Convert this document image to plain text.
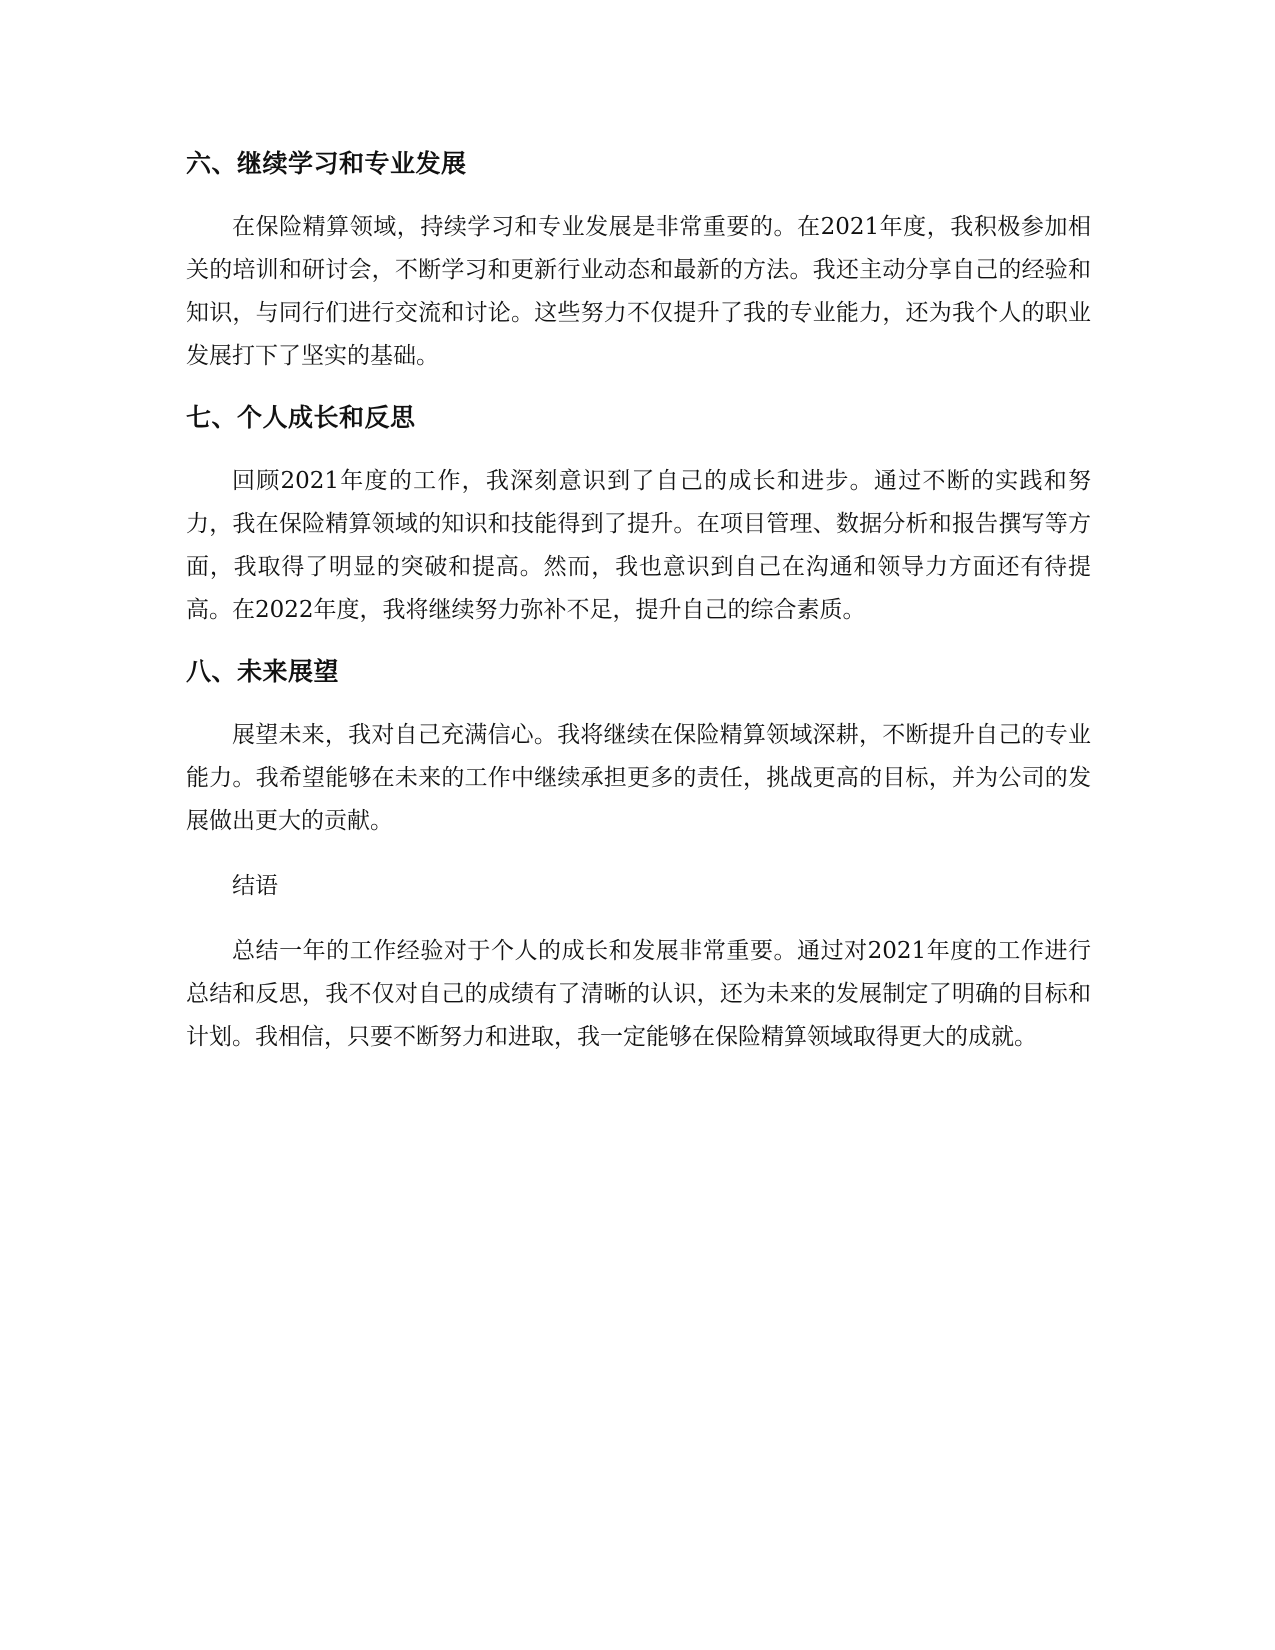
六、继续学习和专业发展

在保险精算领域，持续学习和专业发展是非常重要的。在2021年度，我积极参加相关的培训和研讨会，不断学习和更新行业动态和最新的方法。我还主动分享自己的经验和知识，与同行们进行交流和讨论。这些努力不仅提升了我的专业能力，还为我个人的职业发展打下了坚实的基础。

七、个人成长和反思

回顾2021年度的工作，我深刻意识到了自己的成长和进步。通过不断的实践和努力，我在保险精算领域的知识和技能得到了提升。在项目管理、数据分析和报告撰写等方面，我取得了明显的突破和提高。然而，我也意识到自己在沟通和领导力方面还有待提高。在2022年度，我将继续努力弥补不足，提升自己的综合素质。

八、未来展望

展望未来，我对自己充满信心。我将继续在保险精算领域深耕，不断提升自己的专业能力。我希望能够在未来的工作中继续承担更多的责任，挑战更高的目标，并为公司的发展做出更大的贡献。

结语

总结一年的工作经验对于个人的成长和发展非常重要。通过对2021年度的工作进行总结和反思，我不仅对自己的成绩有了清晰的认识，还为未来的发展制定了明确的目标和计划。我相信，只要不断努力和进取，我一定能够在保险精算领域取得更大的成就。
